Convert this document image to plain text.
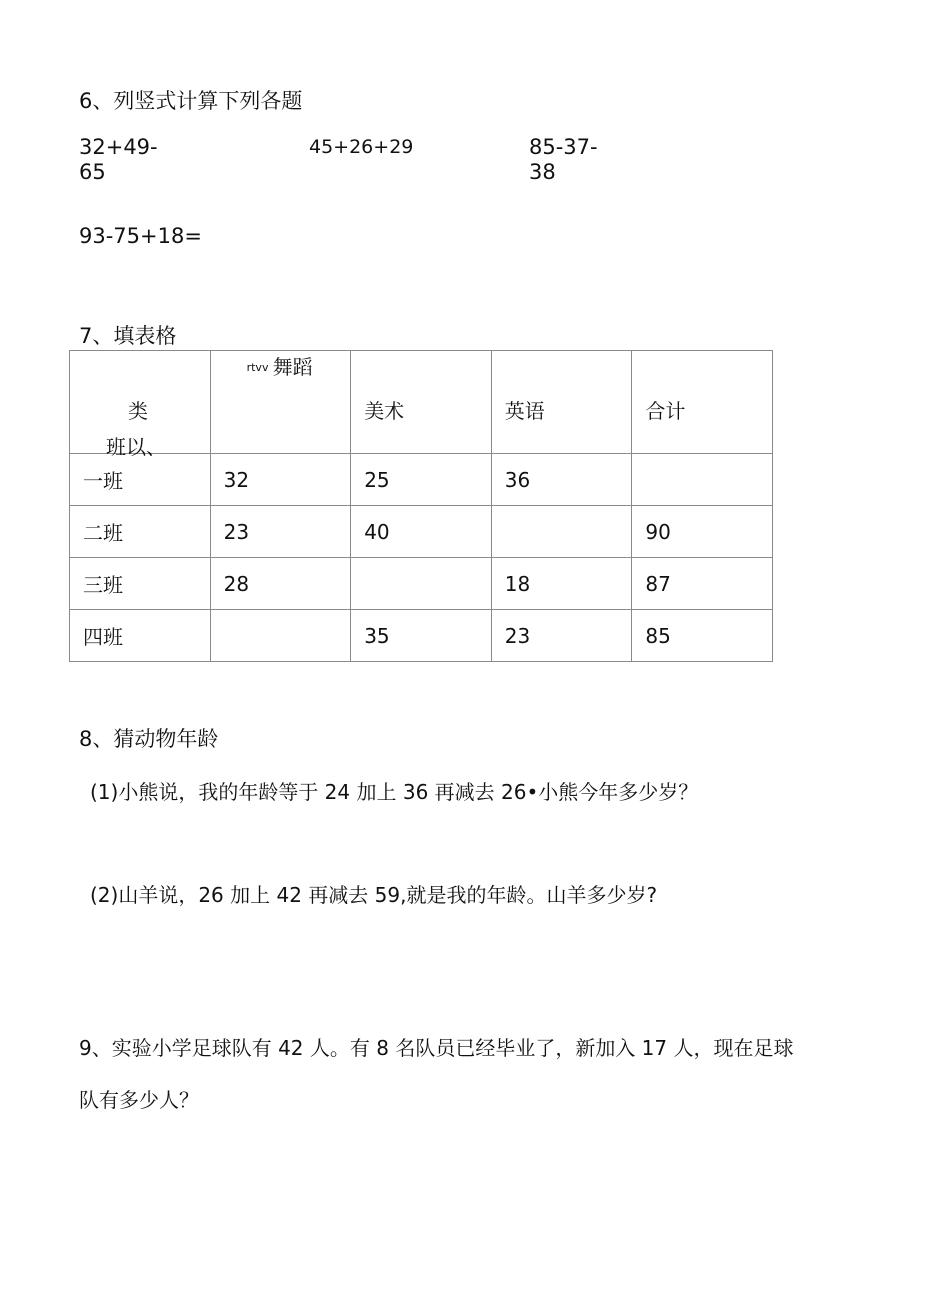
6、列竖式计算下列各题
32+49-
65
45+26+29	85-37-
38
93-75+18=
7、填表格
类
班以、	rtvv 舞蹈	美术	英语	合计

一班	32	25	36	

二班	23	40		90

三班	28		18	87

四班		35	23	85
8、猜动物年龄
(1)小熊说，我的年龄等于 24 加上 36 再减去 26•小熊今年多少岁？
(2)山羊说，26 加上 42 再减去 59,就是我的年龄。山羊多少岁?
9、实验小学足球队有 42 人。有 8 名队员已经毕业了，新加入 17 人，现在足球
队有多少人？
